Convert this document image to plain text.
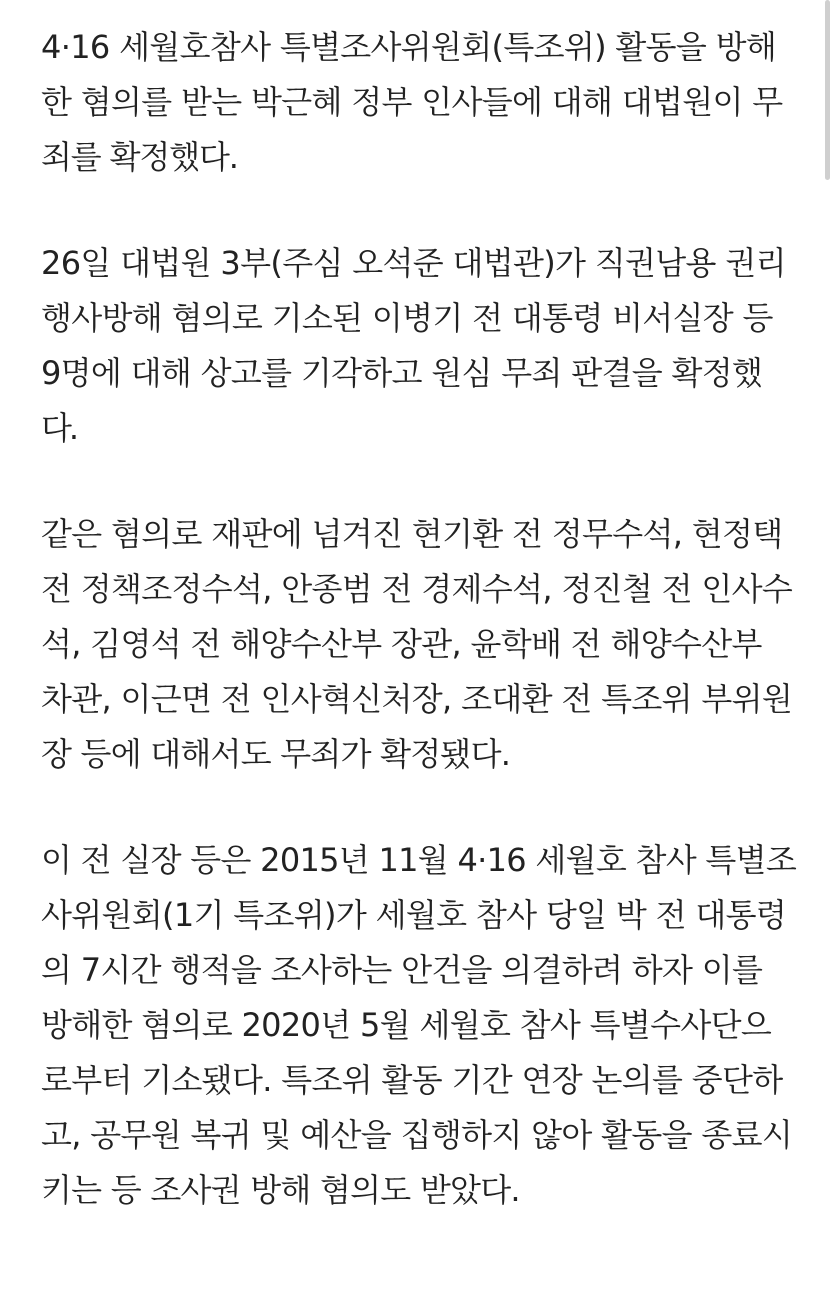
4·16 세월호참사 특별조사위원회(특조위) 활동을 방해
한 혐의를 받는 박근혜 정부 인사들에 대해 대법원이 무
죄를 확정했다.

26일 대법원 3부(주심 오석준 대법관)가 직권남용 권리
행사방해 혐의로 기소된 이병기 전 대통령 비서실장 등
9명에 대해 상고를 기각하고 원심 무죄 판결을 확정했
다.

같은 혐의로 재판에 넘겨진 현기환 전 정무수석, 현정택
전 정책조정수석, 안종범 전 경제수석, 정진철 전 인사수
석, 김영석 전 해양수산부 장관, 윤학배 전 해양수산부
차관, 이근면 전 인사혁신처장, 조대환 전 특조위 부위원
장 등에 대해서도 무죄가 확정됐다.

이 전 실장 등은 2015년 11월 4·16 세월호 참사 특별조
사위원회(1기 특조위)가 세월호 참사 당일 박 전 대통령
의 7시간 행적을 조사하는 안건을 의결하려 하자 이를
방해한 혐의로 2020년 5월 세월호 참사 특별수사단으
로부터 기소됐다. 특조위 활동 기간 연장 논의를 중단하
고, 공무원 복귀 및 예산을 집행하지 않아 활동을 종료시
키는 등 조사권 방해 혐의도 받았다.
